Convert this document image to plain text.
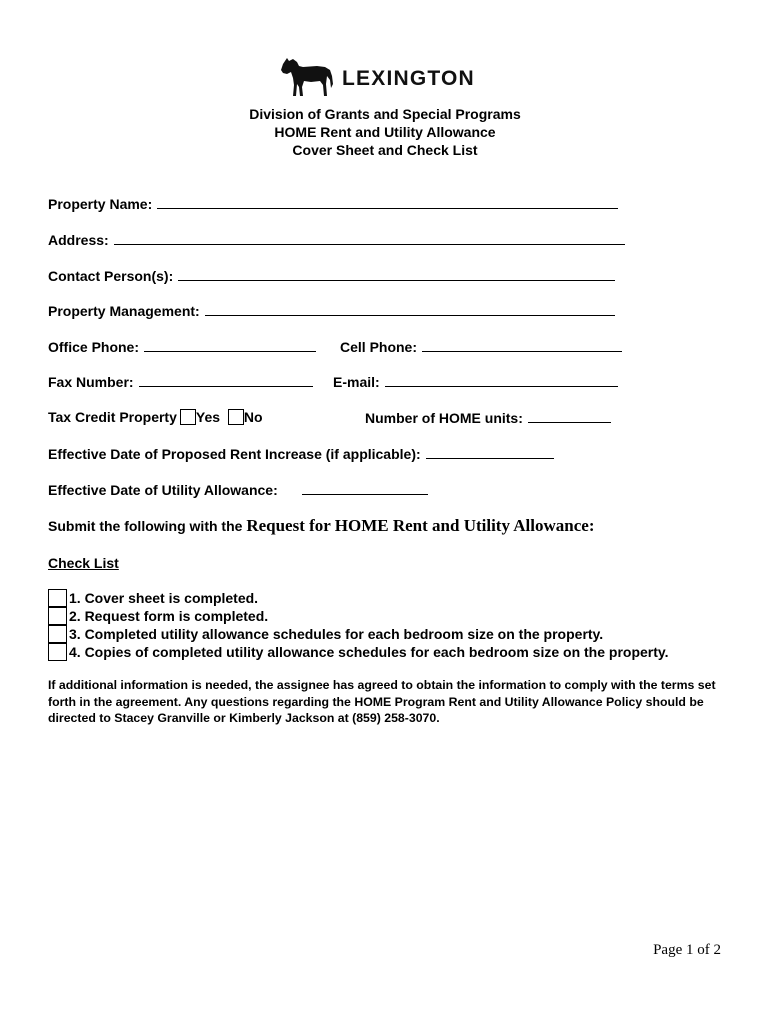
LEXINGTON
Division of Grants and Special Programs
HOME Rent and Utility Allowance
Cover Sheet and Check List
Property Name:
Address:
Contact Person(s):
Property Management:
Office Phone:	Cell Phone:
Fax Number:	E-mail:
Tax Credit Property Yes No	Number of HOME units:
Effective Date of Proposed Rent Increase (if applicable):
Effective Date of Utility Allowance:
Submit the following with the Request for HOME Rent and Utility Allowance:
Check List
1. Cover sheet is completed.
2. Request form is completed.
3. Completed utility allowance schedules for each bedroom size on the property.
4. Copies of completed utility allowance schedules for each bedroom size on the property.
If additional information is needed, the assignee has agreed to obtain the information to comply with the terms set forth in the agreement. Any questions regarding the HOME Program Rent and Utility Allowance Policy should be directed to Stacey Granville or Kimberly Jackson at (859) 258-3070.
Page 1 of 2
